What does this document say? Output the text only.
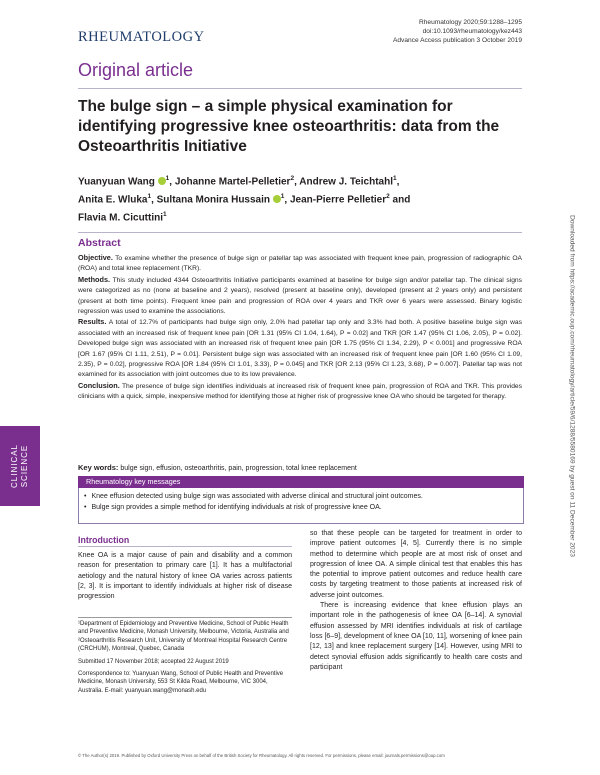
RHEUMATOLOGY
Rheumatology 2020;59:1288–1295
doi:10.1093/rheumatology/kez443
Advance Access publication 3 October 2019
Original article
The bulge sign – a simple physical examination for identifying progressive knee osteoarthritis: data from the Osteoarthritis Initiative
Yuanyuan Wang $^1$, Johanne Martel-Pelletier$^2$, Andrew J. Teichtahl$^1$,
Anita E. Wluka$^1$, Sultana Monira Hussain $^1$, Jean-Pierre Pelletier$^2$ and
Flavia M. Cicuttini$^1$
Abstract

Objective. To examine whether the presence of bulge sign or patellar tap was associated with frequent knee pain, progression of radiographic OA (ROA) and total knee replacement (TKR).

Methods. This study included 4344 Osteoarthritis Initiative participants examined at baseline for bulge sign and/or patellar tap. The clinical signs were categorized as no (none at baseline and 2 years), resolved (present at baseline only), developed (present at 2 years only) and persistent (present at both time points). Frequent knee pain and progression of ROA over 4 years and TKR over 6 years were assessed. Binary logistic regression was used to examine the associations.

Results. A total of 12.7% of participants had bulge sign only, 2.0% had patellar tap only and 3.3% had both. A positive baseline bulge sign was associated with an increased risk of frequent knee pain [OR 1.31 (95% CI 1.04, 1.64), P = 0.02] and TKR [OR 1.47 (95% CI 1.06, 2.05), P = 0.02]. Developed bulge sign was associated with an increased risk of frequent knee pain [OR 1.75 (95% CI 1.34, 2.29), P < 0.001] and progressive ROA [OR 1.67 (95% CI 1.11, 2.51), P = 0.01]. Persistent bulge sign was associated with an increased risk of frequent knee pain [OR 1.60 (95% CI 1.09, 2.35), P = 0.02], progressive ROA [OR 1.84 (95% CI 1.01, 3.33), P = 0.045] and TKR [OR 2.13 (95% CI 1.23, 3.68), P = 0.007]. Patellar tap was not examined for its association with joint outcomes due to its low prevalence.

Conclusion. The presence of bulge sign identifies individuals at increased risk of frequent knee pain, progression of ROA and TKR. This provides clinicians with a quick, simple, inexpensive method for identifying those at higher risk of progressive knee OA who should be targeted for therapy.

Key words: bulge sign, effusion, osteoarthritis, pain, progression, total knee replacement
CLINICAL
SCIENCE	Rheumatology key messages
• Knee effusion detected using bulge sign was associated with adverse clinical and structural joint outcomes.
• Bulge sign provides a simple method for identifying individuals at risk of progressive knee OA.
Introduction

Knee OA is a major cause of pain and disability and a common reason for presentation to primary care [1]. It has a multifactorial aetiology and the natural history of knee OA varies across patients [2, 3]. It is important to identify individuals at higher risk of disease progression

¹Department of Epidemiology and Preventive Medicine, School of Public Health and Preventive Medicine, Monash University, Melbourne, Victoria, Australia and ²Osteoarthritis Research Unit, University of Montreal Hospital Research Centre (CRCHUM), Montreal, Quebec, Canada

Submitted 17 November 2018; accepted 22 August 2019

Correspondence to: Yuanyuan Wang, School of Public Health and Preventive Medicine, Monash University, 553 St Kilda Road, Melbourne, VIC 3004, Australia. E-mail: yuanyuan.wang@monash.edu

so that these people can be targeted for treatment in order to improve patient outcomes [4, 5]. Currently there is no simple method to determine which people are at most risk of onset and progression of knee OA. A simple clinical test that enables this has the potential to improve patient outcomes and reduce health care costs by targeting treatment to those patients at increased risk of adverse joint outcomes.

There is increasing evidence that knee effusion plays an important role in the pathogenesis of knee OA [6–14]. A synovial effusion assessed by MRI identifies individuals at risk of cartilage loss [6–9], development of knee OA [10, 11], worsening of knee pain [12, 13] and knee replacement surgery [14]. However, using MRI to detect synovial effusion adds significantly to health care costs and participant

© The Author(s) 2019. Published by Oxford University Press on behalf of the British Society for Rheumatology. All rights reserved. For permissions, please email: journals.permissions@oup.com
Downloaded from https://academic.oup.com/rheumatology/article/59/6/1288/5580169 by guest on 11 December 2023
